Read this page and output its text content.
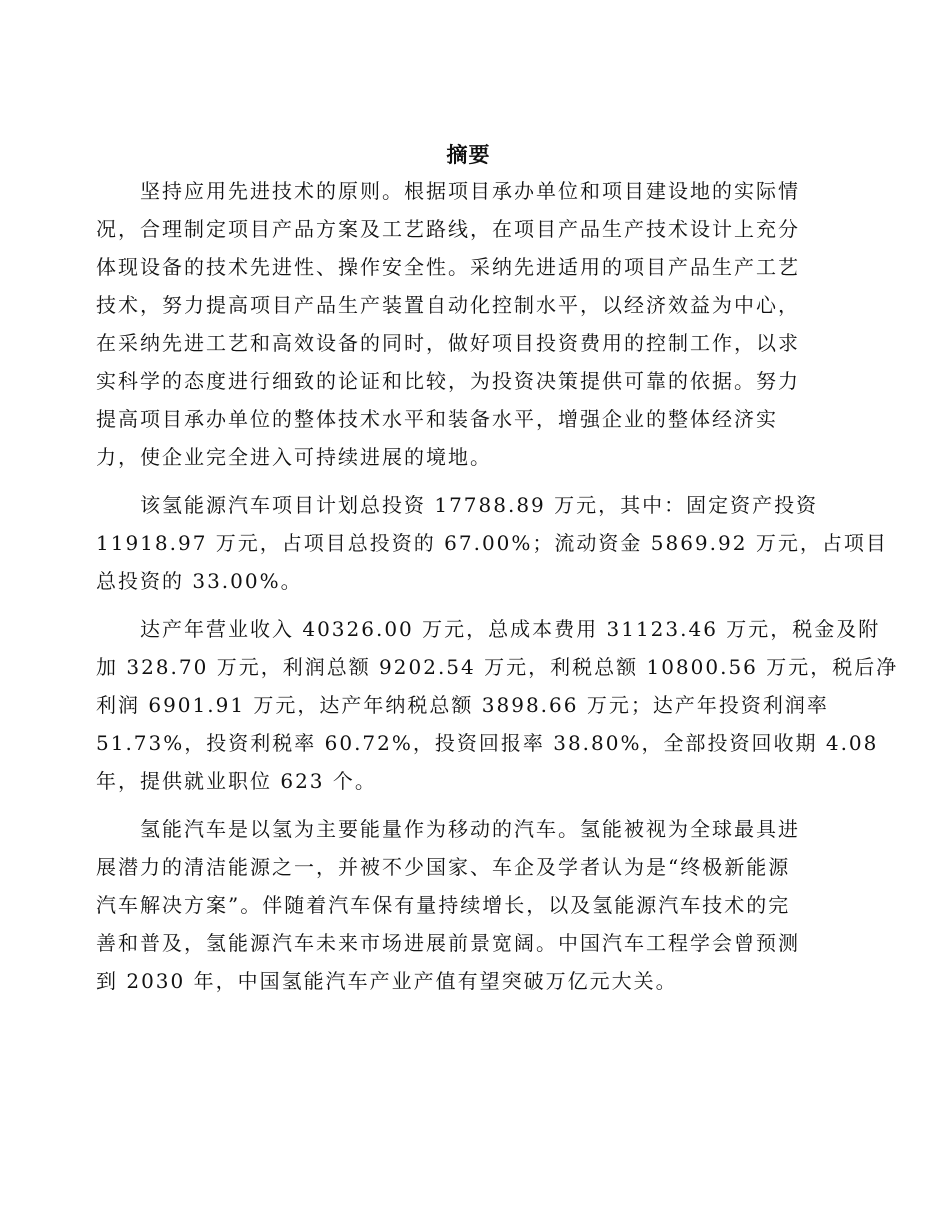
摘要
坚持应用先进技术的原则。根据项目承办单位和项目建设地的实际情
况，合理制定项目产品方案及工艺路线，在项目产品生产技术设计上充分
体现设备的技术先进性、操作安全性。采纳先进适用的项目产品生产工艺
技术，努力提高项目产品生产装置自动化控制水平，以经济效益为中心，
在采纳先进工艺和高效设备的同时，做好项目投资费用的控制工作，以求
实科学的态度进行细致的论证和比较，为投资决策提供可靠的依据。努力
提高项目承办单位的整体技术水平和装备水平，增强企业的整体经济实
力，使企业完全进入可持续进展的境地。
该氢能源汽车项目计划总投资 17788.89 万元，其中：固定资产投资
11918.97 万元，占项目总投资的 67.00%；流动资金 5869.92 万元，占项目
总投资的 33.00%。
达产年营业收入 40326.00 万元，总成本费用 31123.46 万元，税金及附
加 328.70 万元，利润总额 9202.54 万元，利税总额 10800.56 万元，税后净
利润 6901.91 万元，达产年纳税总额 3898.66 万元；达产年投资利润率
51.73%，投资利税率 60.72%，投资回报率 38.80%，全部投资回收期 4.08
年，提供就业职位 623 个。
氢能汽车是以氢为主要能量作为移动的汽车。氢能被视为全球最具进
展潜力的清洁能源之一，并被不少国家、车企及学者认为是“终极新能源
汽车解决方案”。伴随着汽车保有量持续增长，以及氢能源汽车技术的完
善和普及，氢能源汽车未来市场进展前景宽阔。中国汽车工程学会曾预测
到 2030 年，中国氢能汽车产业产值有望突破万亿元大关。
